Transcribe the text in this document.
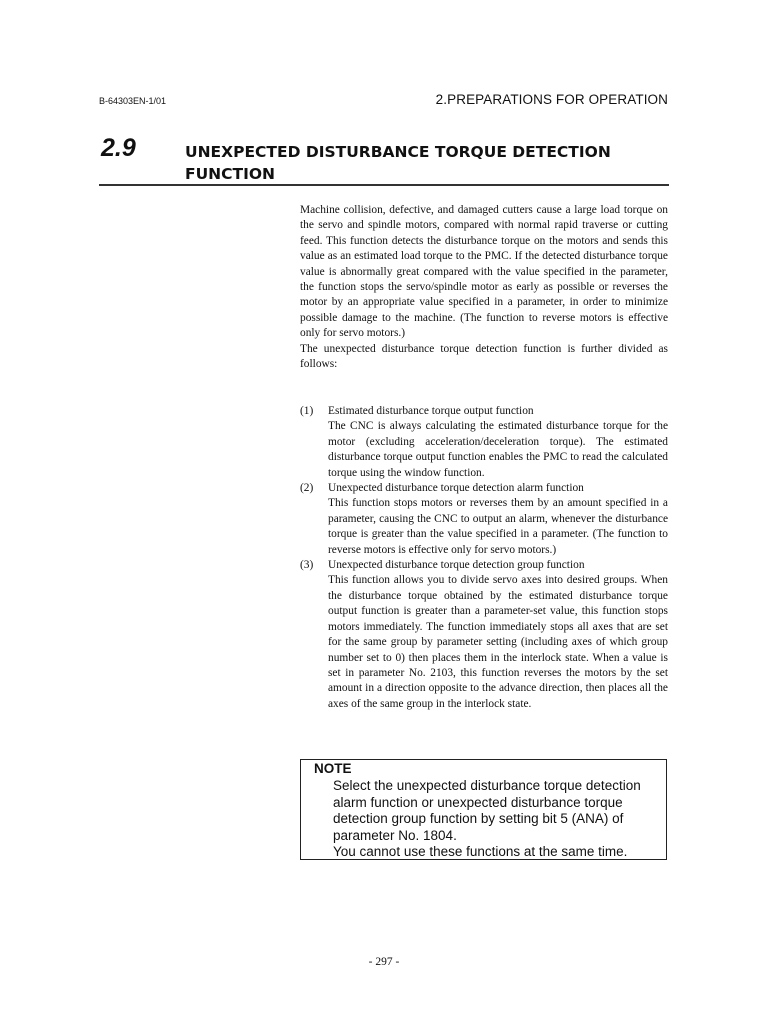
B-64303EN-1/01	2.PREPARATIONS FOR OPERATION
2.9	UNEXPECTED DISTURBANCE TORQUE DETECTION FUNCTION

Machine collision, defective, and damaged cutters cause a large load torque on the servo and spindle motors, compared with normal rapid traverse or cutting feed. This function detects the disturbance torque on the motors and sends this value as an estimated load torque to the PMC. If the detected disturbance torque value is abnormally great compared with the value specified in the parameter, the function stops the servo/spindle motor as early as possible or reverses the motor by an appropriate value specified in a parameter, in order to minimize possible damage to the machine. (The function to reverse motors is effective only for servo motors.)

The unexpected disturbance torque detection function is further divided as follows:

(1) Estimated disturbance torque output function
The CNC is always calculating the estimated disturbance torque for the motor (excluding acceleration/deceleration torque). The estimated disturbance torque output function enables the PMC to read the calculated torque using the window function.
(2) Unexpected disturbance torque detection alarm function
This function stops motors or reverses them by an amount specified in a parameter, causing the CNC to output an alarm, whenever the disturbance torque is greater than the value specified in a parameter. (The function to reverse motors is effective only for servo motors.)
(3) Unexpected disturbance torque detection group function
This function allows you to divide servo axes into desired groups. When the disturbance torque obtained by the estimated disturbance torque output function is greater than a parameter-set value, this function stops motors immediately. The function immediately stops all axes that are set for the same group by parameter setting (including axes of which group number set to 0) then places them in the interlock state. When a value is set in parameter No. 2103, this function reverses the motors by the set amount in a direction opposite to the advance direction, then places all the axes of the same group in the interlock state.
NOTE
Select the unexpected disturbance torque detection
alarm function or unexpected disturbance torque
detection group function by setting bit 5 (ANA) of
parameter No. 1804.
You cannot use these functions at the same time.
- 297 -
